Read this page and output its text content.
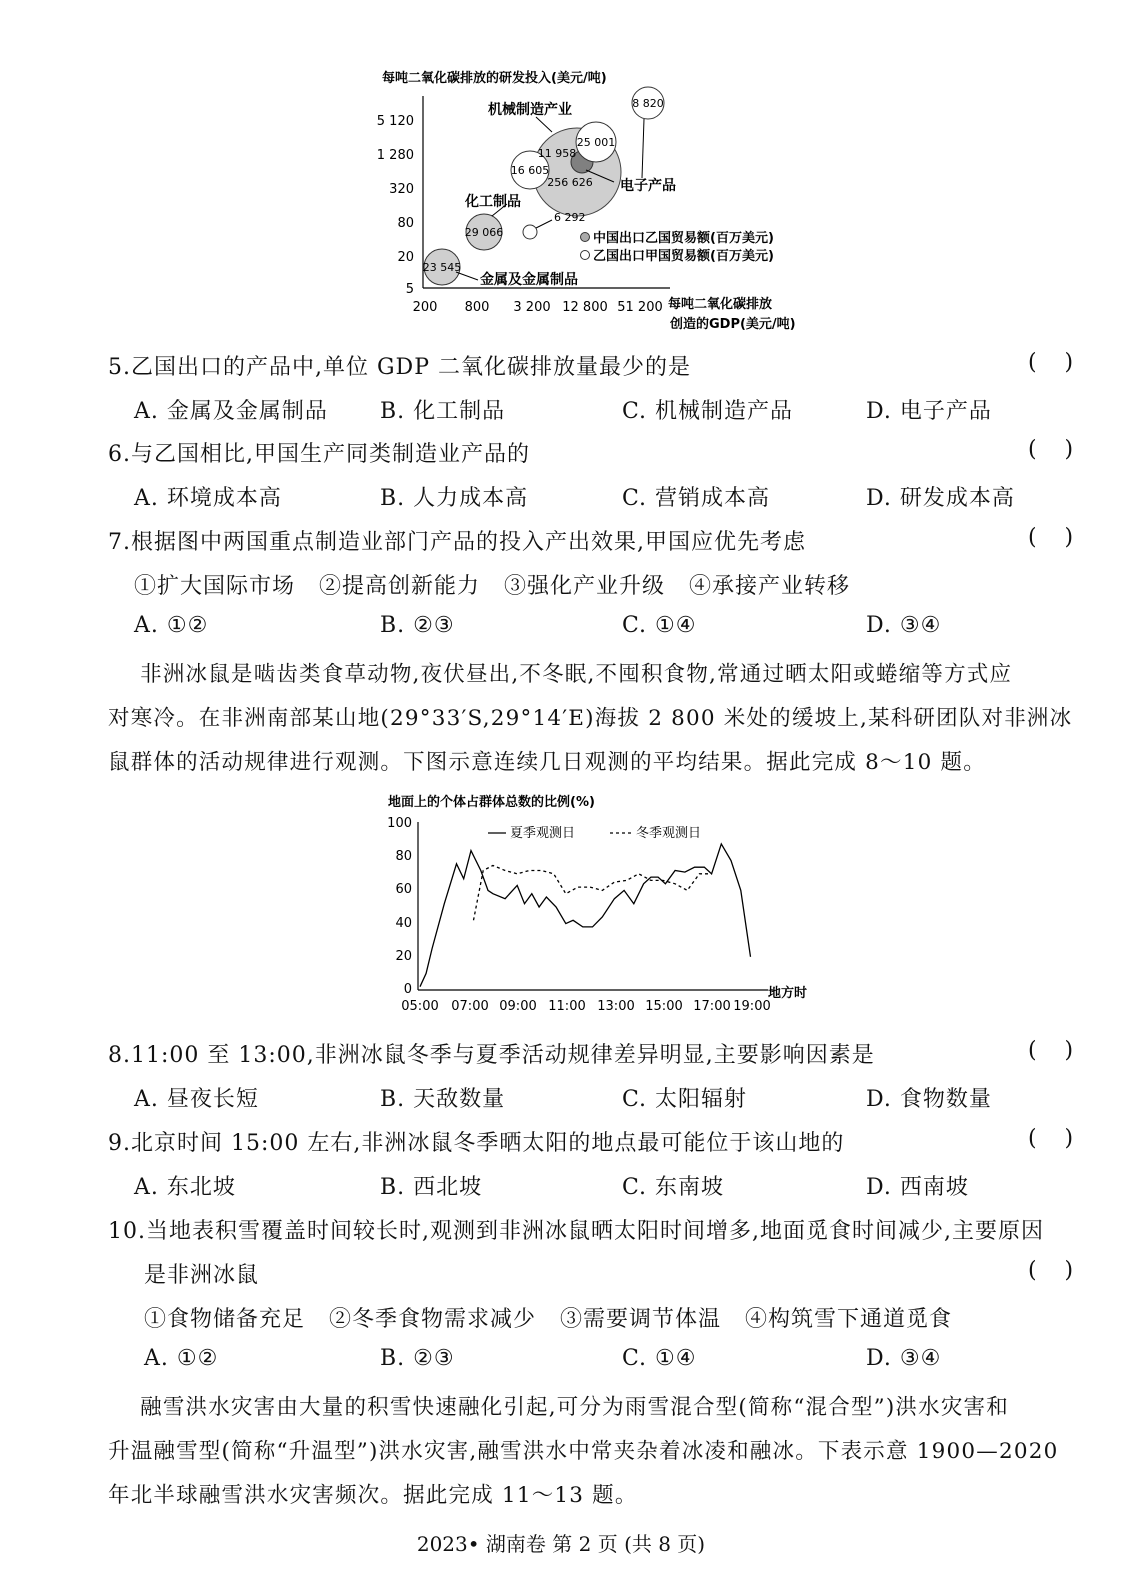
每吨二氧化碳排放的研发投入(美元/吨)
5 120
1 280
320
80
20
5
200 800 3 200 12 800 51 200 每吨二氧化碳排放
创造的GDP(美元/吨)
23 545
29 066
256 626
11 958
6 292
16 605
25 001
8 820
机械制造产业
电子产品
化工制品
金属及金属制品
中国出口乙国贸易额(百万美元)
乙国出口甲国贸易额(百万美元)
5.乙国出口的产品中,单位 GDP 二氧化碳排放量最少的是	(    )
A. 金属及金属制品 B. 化工制品	C. 机械制造产品	D. 电子产品
6.与乙国相比,甲国生产同类制造业产品的	(    )
A. 环境成本高	B. 人力成本高	C. 营销成本高	D. 研发成本高
7.根据图中两国重点制造业部门产品的投入产出效果,甲国应优先考虑	(    )
①扩大国际市场   ②提高创新能力   ③强化产业升级   ④承接产业转移
A. ①②	B. ②③	C. ①④	D. ③④
非洲冰鼠是啮齿类食草动物,夜伏昼出,不冬眠,不囤积食物,常通过晒太阳或蜷缩等方式应
对寒冷。在非洲南部某山地(29°33′S,29°14′E)海拔 2 800 米处的缓坡上,某科研团队对非洲冰
鼠群体的活动规律进行观测。下图示意连续几日观测的平均结果。据此完成 8～10 题。
地面上的个体占群体总数的比例(%)
100
80
60
40
20
0
05:00 07:00 09:00 11:00 13:00 15:00 17:00 19:00
地方时
夏季观测日	冬季观测日
8.11:00 至 13:00,非洲冰鼠冬季与夏季活动规律差异明显,主要影响因素是	(    )
A. 昼夜长短	B. 天敌数量	C. 太阳辐射	D. 食物数量
9.北京时间 15:00 左右,非洲冰鼠冬季晒太阳的地点最可能位于该山地的	(    )
A. 东北坡	B. 西北坡	C. 东南坡	D. 西南坡
10.当地表积雪覆盖时间较长时,观测到非洲冰鼠晒太阳时间增多,地面觅食时间减少,主要原因
是非洲冰鼠	(    )
①食物储备充足   ②冬季食物需求减少   ③需要调节体温   ④构筑雪下通道觅食
A. ①②	B. ②③	C. ①④	D. ③④
融雪洪水灾害由大量的积雪快速融化引起,可分为雨雪混合型(简称“混合型”)洪水灾害和
升温融雪型(简称“升温型”)洪水灾害,融雪洪水中常夹杂着冰凌和融冰。下表示意 1900—2020
年北半球融雪洪水灾害频次。据此完成 11～13 题。
2023• 湖南卷 第 2 页 (共 8 页)
